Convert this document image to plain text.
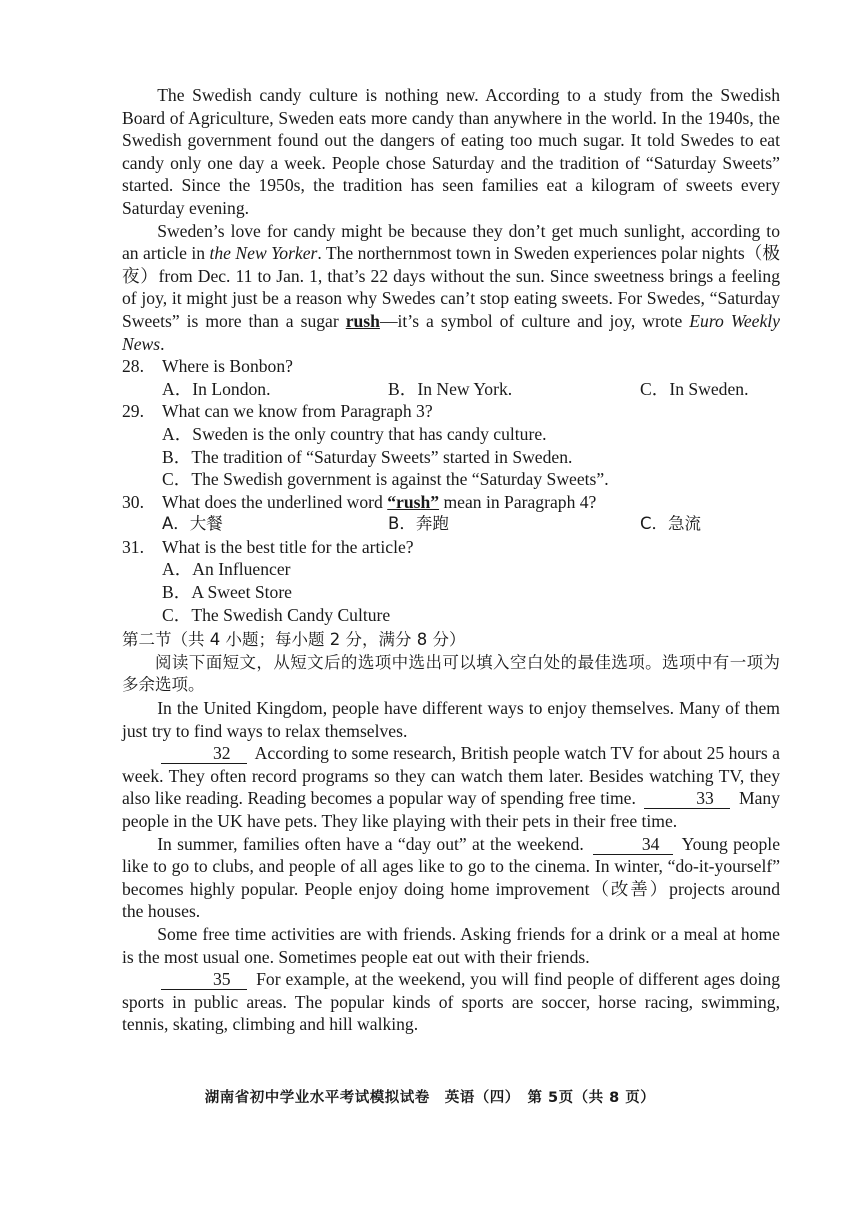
The Swedish candy culture is nothing new. According to a study from the Swedish Board of Agriculture, Sweden eats more candy than anywhere in the world. In the 1940s, the Swedish government found out the dangers of eating too much sugar. It told Swedes to eat candy only one day a week. People chose Saturday and the tradition of “Saturday Sweets” started. Since the 1950s, the tradition has seen families eat a kilogram of sweets every Saturday evening.

Sweden’s love for candy might be because they don’t get much sunlight, according to an article in the New Yorker. The northernmost town in Sweden experiences polar nights（极夜）from Dec. 11 to Jan. 1, that’s 22 days without the sun. Since sweetness brings a feeling of joy, it might just be a reason why Swedes can’t stop eating sweets. For Swedes, “Saturday Sweets” is more than a sugar rush—it’s a symbol of culture and joy, wrote Euro Weekly News.

28.	Where is Bonbon?
A．In London.	B．In New York.	C．In Sweden.
29.	What can we know from Paragraph 3?
A．Sweden is the only country that has candy culture.
B．The tradition of “Saturday Sweets” started in Sweden.
C．The Swedish government is against the “Saturday Sweets”.
30.	What does the underlined word “rush” mean in Paragraph 4?
A．大餐	B．奔跑	C．急流
31.	What is the best title for the article?
A．An Influencer
B．A Sweet Store
C．The Swedish Candy Culture

第二节（共 4 小题；每小题 2 分，满分 8 分）

阅读下面短文，从短文后的选项中选出可以填入空白处的最佳选项。选项中有一项为多余选项。

In the United Kingdom, people have different ways to enjoy themselves. Many of them just try to find ways to relax themselves.

32 According to some research, British people watch TV for about 25 hours a week. They often record programs so they can watch them later. Besides watching TV, they also like reading. Reading becomes a popular way of spending free time.	33 Many people in the UK have pets. They like playing with their pets in their free time.

In summer, families often have a “day out” at the weekend.	34 Young people like to go to clubs, and people of all ages like to go to the cinema. In winter, “do-it-yourself” becomes highly popular. People enjoy doing home improvement（改善）projects around the houses.

Some free time activities are with friends. Asking friends for a drink or a meal at home is the most usual one. Sometimes people eat out with their friends.

35 For example, at the weekend, you will find people of different ages doing sports in public areas. The popular kinds of sports are soccer, horse racing, swimming, tennis, skating, climbing and hill walking.

湖南省初中学业水平考试模拟试卷　英语（四）　第 5页（共 8 页）
